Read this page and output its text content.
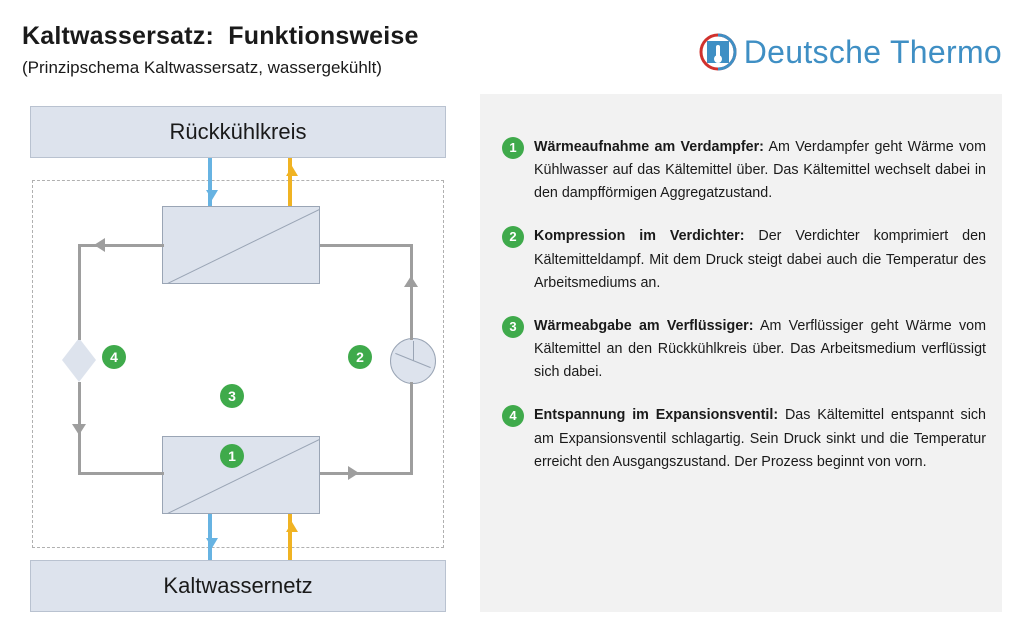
Kaltwassersatz:  Funktionsweise
(Prinzipschema Kaltwassersatz, wassergekühlt)	Deutsche Thermo
1	Wärmeaufnahme am Verdampfer: Am Verdampfer geht Wärme vom Kühlwasser auf das Kältemittel über. Das Kältemittel wechselt dabei in den dampfförmigen Aggregatzustand.
2	Kompression im Verdichter: Der Verdichter komprimiert den Kältemitteldampf. Mit dem Druck steigt dabei auch die Temperatur des Arbeitsmediums an.
3	Wärmeabgabe am Verflüssiger: Am Verflüssiger geht Wärme vom Kältemittel an den Rückkühlkreis über. Das Arbeitsmedium verflüssigt sich dabei.
4	Entspannung im Expansionsventil: Das Kältemittel entspannt sich am Expansionsventil schlagartig. Sein Druck sinkt und die Temperatur erreicht den Ausgangszustand. Der Prozess beginnt von vorn.
Rückkühlkreis
Kaltwassernetz
3
2
4
1
